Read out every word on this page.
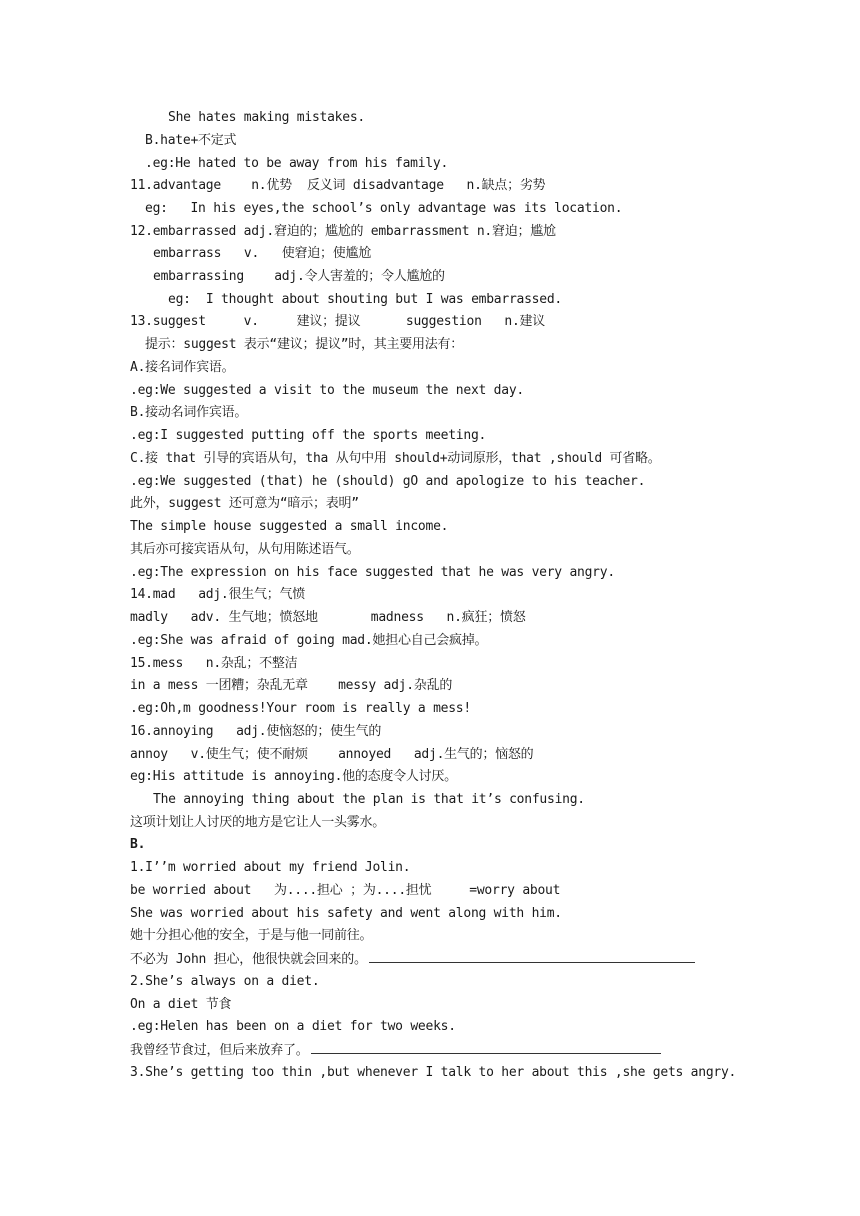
She hates making mistakes.
B.hate+不定式
.eg:He hated to be away from his family.
11.advantage    n.优势  反义词 disadvantage   n.缺点；劣势
eg:   In his eyes,the school’s only advantage was its location.
12.embarrassed adj.窘迫的；尴尬的 embarrassment n.窘迫；尴尬
embarrass   v.   使窘迫；使尴尬
embarrassing    adj.令人害羞的；令人尴尬的
eg:  I thought about shouting but I was embarrassed.
13.suggest     v.     建议；提议      suggestion   n.建议
提示：suggest 表示“建议；提议”时，其主要用法有：
A.接名词作宾语。
.eg:We suggested a visit to the museum the next day.
B.接动名词作宾语。
.eg:I suggested putting off the sports meeting.
C.接 that 引导的宾语从句，tha 从句中用 should+动词原形，that ,should 可省略。
.eg:We suggested (that) he (should) gO and apologize to his teacher.
此外，suggest 还可意为“暗示；表明”
The simple house suggested a small income.
其后亦可接宾语从句，从句用陈述语气。
.eg:The expression on his face suggested that he was very angry.
14.mad   adj.很生气；气愤
madly   adv. 生气地；愤怒地       madness   n.疯狂；愤怒
.eg:She was afraid of going mad.她担心自己会疯掉。
15.mess   n.杂乱；不整洁
in a mess 一团糟；杂乱无章    messy adj.杂乱的
.eg:Oh,m goodness!Your room is really a mess!
16.annoying   adj.使恼怒的；使生气的
annoy   v.使生气；使不耐烦    annoyed   adj.生气的；恼怒的
eg:His attitude is annoying.他的态度令人讨厌。
The annoying thing about the plan is that it’s confusing.
这项计划让人讨厌的地方是它让人一头雾水。
B.
1.I’’m worried about my friend Jolin.
be worried about   为....担心 ；为....担忧     =worry about
She was worried about his safety and went along with him.
她十分担心他的安全，于是与他一同前往。
不必为 John 担心，他很快就会回来的。
2.She’s always on a diet.
On a diet 节食
.eg:Helen has been on a diet for two weeks.
我曾经节食过，但后来放弃了。
3.She’s getting too thin ,but whenever I talk to her about this ,she gets angry.
